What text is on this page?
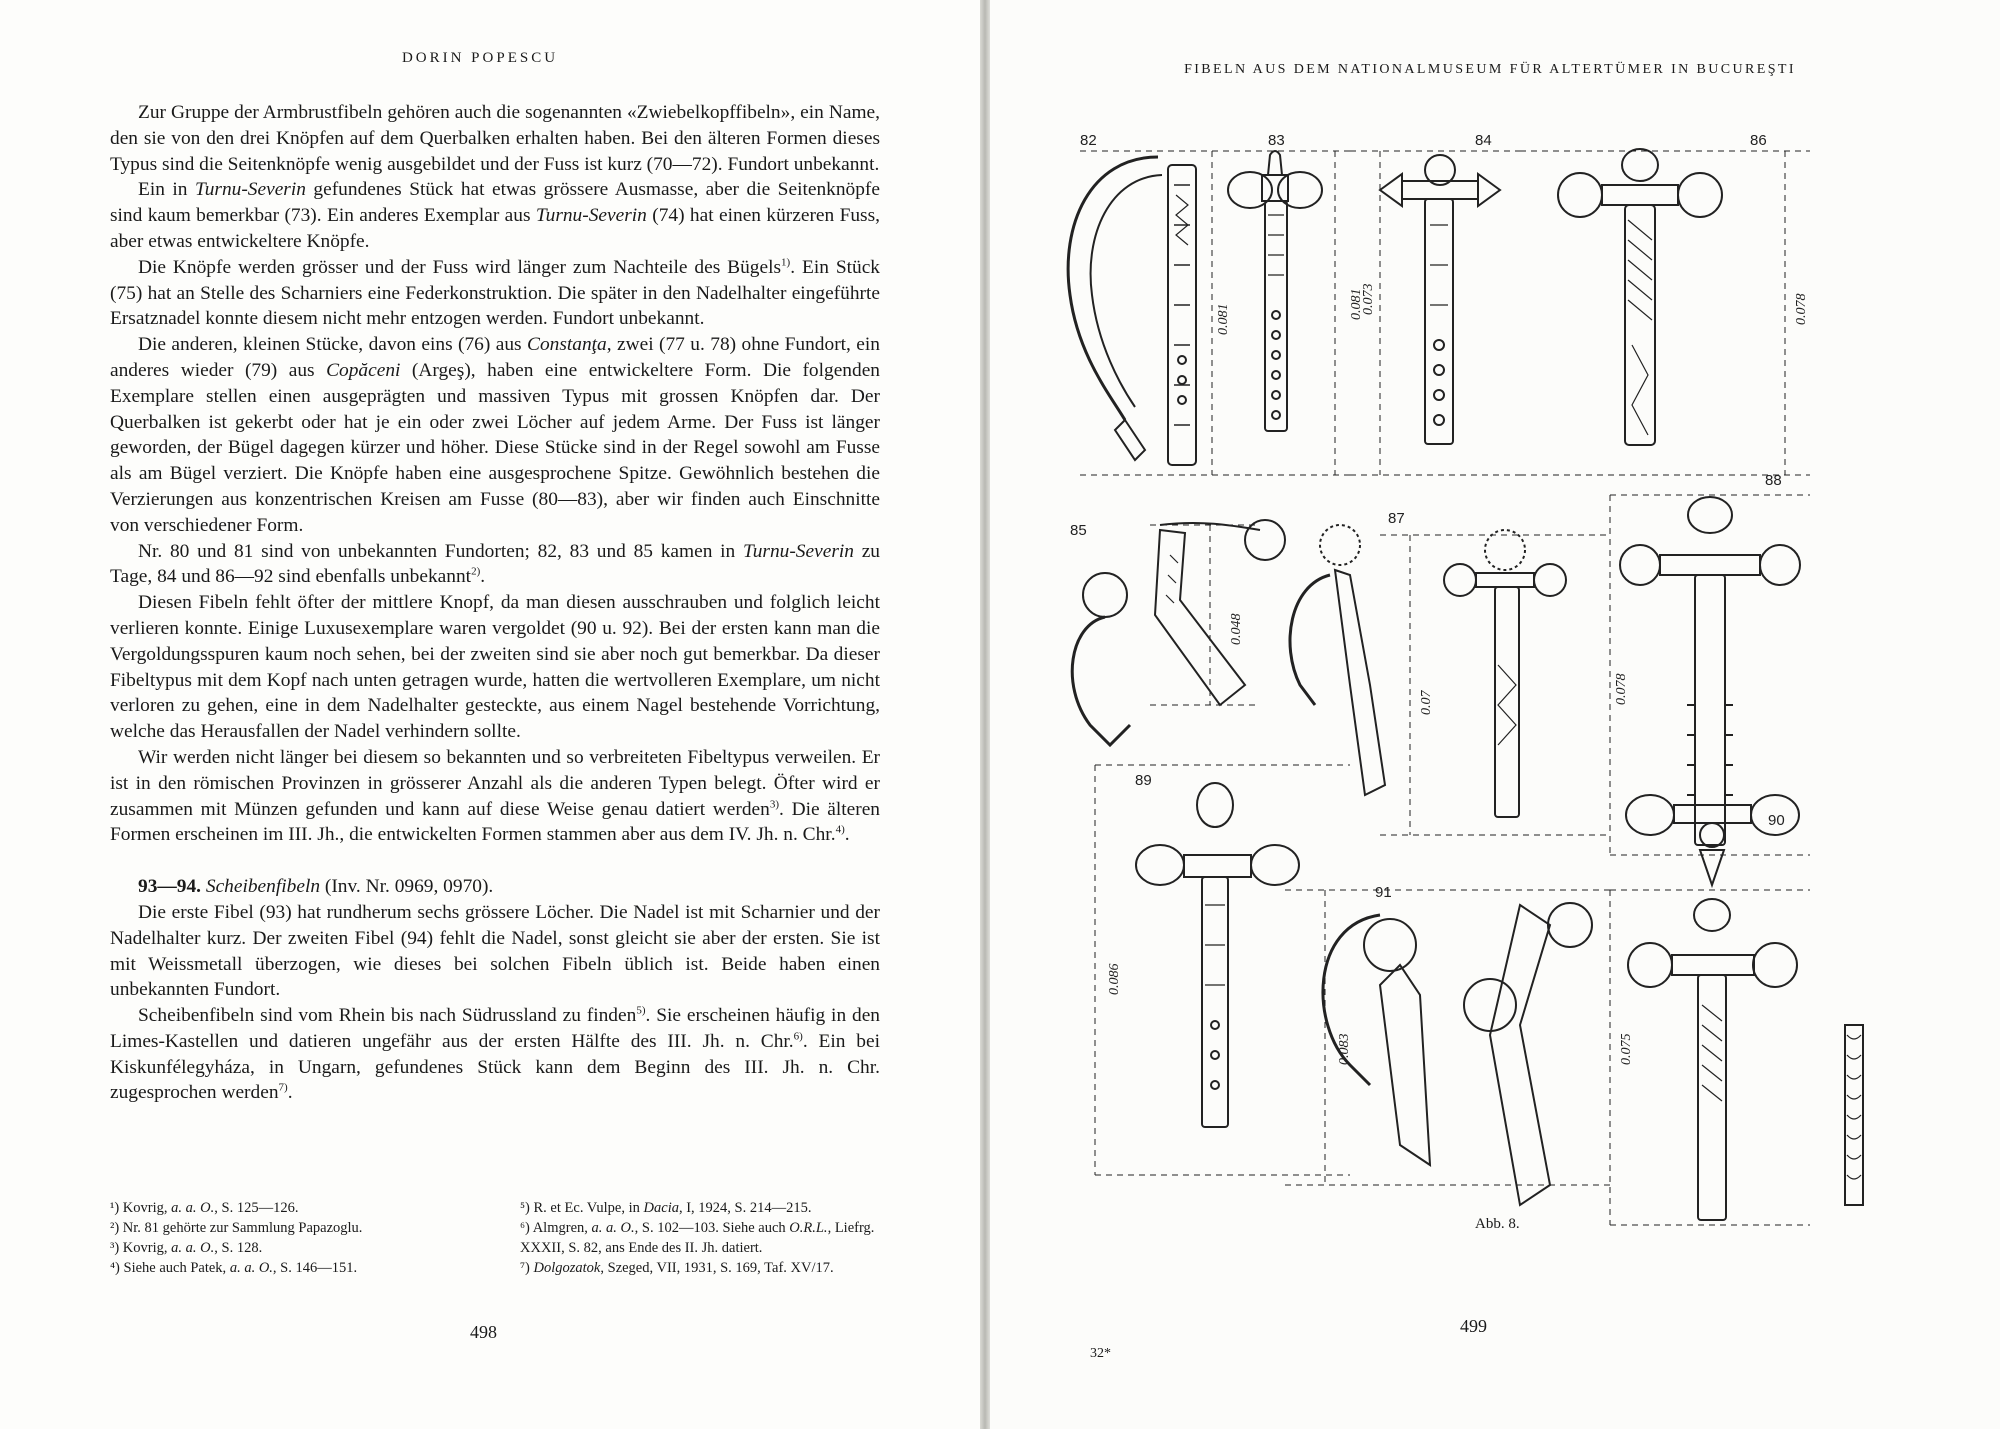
DORIN POPESCU

Zur Gruppe der Armbrustfibeln gehören auch die sogenannten «Zwiebelkopffibeln», ein Name, den sie von den drei Knöpfen auf dem Querbalken erhalten haben. Bei den älteren Formen dieses Typus sind die Seitenknöpfe wenig ausgebildet und der Fuss ist kurz (70—72). Fundort unbekannt.

Ein in Turnu-Severin gefundenes Stück hat etwas grössere Ausmasse, aber die Seitenknöpfe sind kaum bemerkbar (73). Ein anderes Exemplar aus Turnu-Severin (74) hat einen kürzeren Fuss, aber etwas entwickeltere Knöpfe.

Die Knöpfe werden grösser und der Fuss wird länger zum Nachteile des Bügels$^{1)}$. Ein Stück (75) hat an Stelle des Scharniers eine Federkonstruktion. Die später in den Nadelhalter eingeführte Ersatznadel konnte diesem nicht mehr entzogen werden. Fundort unbekannt.

Die anderen, kleinen Stücke, davon eins (76) aus Constanţa, zwei (77 u. 78) ohne Fundort, ein anderes wieder (79) aus Copăceni (Argeş), haben eine entwickeltere Form. Die folgenden Exemplare stellen einen ausgeprägten und massiven Typus mit grossen Knöpfen dar. Der Querbalken ist gekerbt oder hat je ein oder zwei Löcher auf jedem Arme. Der Fuss ist länger geworden, der Bügel dagegen kürzer und höher. Diese Stücke sind in der Regel sowohl am Fusse als am Bügel verziert. Die Knöpfe haben eine ausgesprochene Spitze. Gewöhnlich bestehen die Verzierungen aus konzentrischen Kreisen am Fusse (80—83), aber wir finden auch Einschnitte von verschiedener Form.

Nr. 80 und 81 sind von unbekannten Fundorten; 82, 83 und 85 kamen in Turnu-Severin zu Tage, 84 und 86—92 sind ebenfalls unbekannt$^{2)}$.

Diesen Fibeln fehlt öfter der mittlere Knopf, da man diesen ausschrauben und folglich leicht verlieren konnte. Einige Luxusexemplare waren vergoldet (90 u. 92). Bei der ersten kann man die Vergoldungsspuren kaum noch sehen, bei der zweiten sind sie aber noch gut bemerkbar. Da dieser Fibeltypus mit dem Kopf nach unten getragen wurde, hatten die wertvolleren Exemplare, um nicht verloren zu gehen, eine in dem Nadelhalter gesteckte, aus einem Nagel bestehende Vorrichtung, welche das Herausfallen der Nadel verhindern sollte.

Wir werden nicht länger bei diesem so bekannten und so verbreiteten Fibeltypus verweilen. Er ist in den römischen Provinzen in grösserer Anzahl als die anderen Typen belegt. Öfter wird er zusammen mit Münzen gefunden und kann auf diese Weise genau datiert werden$^{3)}$. Die älteren Formen erscheinen im III. Jh., die entwickelten Formen stammen aber aus dem IV. Jh. n. Chr.$^{4)}$.

93—94. Scheibenfibeln (Inv. Nr. 0969, 0970).

Die erste Fibel (93) hat rundherum sechs grössere Löcher. Die Nadel ist mit Scharnier und der Nadelhalter kurz. Der zweiten Fibel (94) fehlt die Nadel, sonst gleicht sie aber der ersten. Sie ist mit Weissmetall überzogen, wie dieses bei solchen Fibeln üblich ist. Beide haben einen unbekannten Fundort.

Scheibenfibeln sind vom Rhein bis nach Südrussland zu finden$^{5)}$. Sie erscheinen häufig in den Limes-Kastellen und datieren ungefähr aus der ersten Hälfte des III. Jh. n. Chr.$^{6)}$. Ein bei Kiskunfélegyháza, in Ungarn, gefundenes Stück kann dem Beginn des III. Jh. n. Chr. zugesprochen werden$^{7)}$.

¹) Kovrig, a. a. O., S. 125—126.
²) Nr. 81 gehörte zur Sammlung Papazoglu.
³) Kovrig, a. a. O., S. 128.
⁴) Siehe auch Patek, a. a. O., S. 146—151.
⁵) R. et Ec. Vulpe, in Dacia, I, 1924, S. 214—215.
⁶) Almgren, a. a. O., S. 102—103. Siehe auch O.R.L., Liefrg. XXXII, S. 82, ans Ende des II. Jh. datiert.
⁷) Dolgozatok, Szeged, VII, 1931, S. 169, Taf. XV/17.
498
FIBELN AUS DEM NATIONALMUSEUM FÜR ALTERTÜMER IN BUCUREŞTI
82	83	84
85
86
87
88
89
90
91
0.081
0.073
0.081	0.078
0.048
0.07	0.078
0.086
0.083	0.075
Abb. 8.
499
32*
